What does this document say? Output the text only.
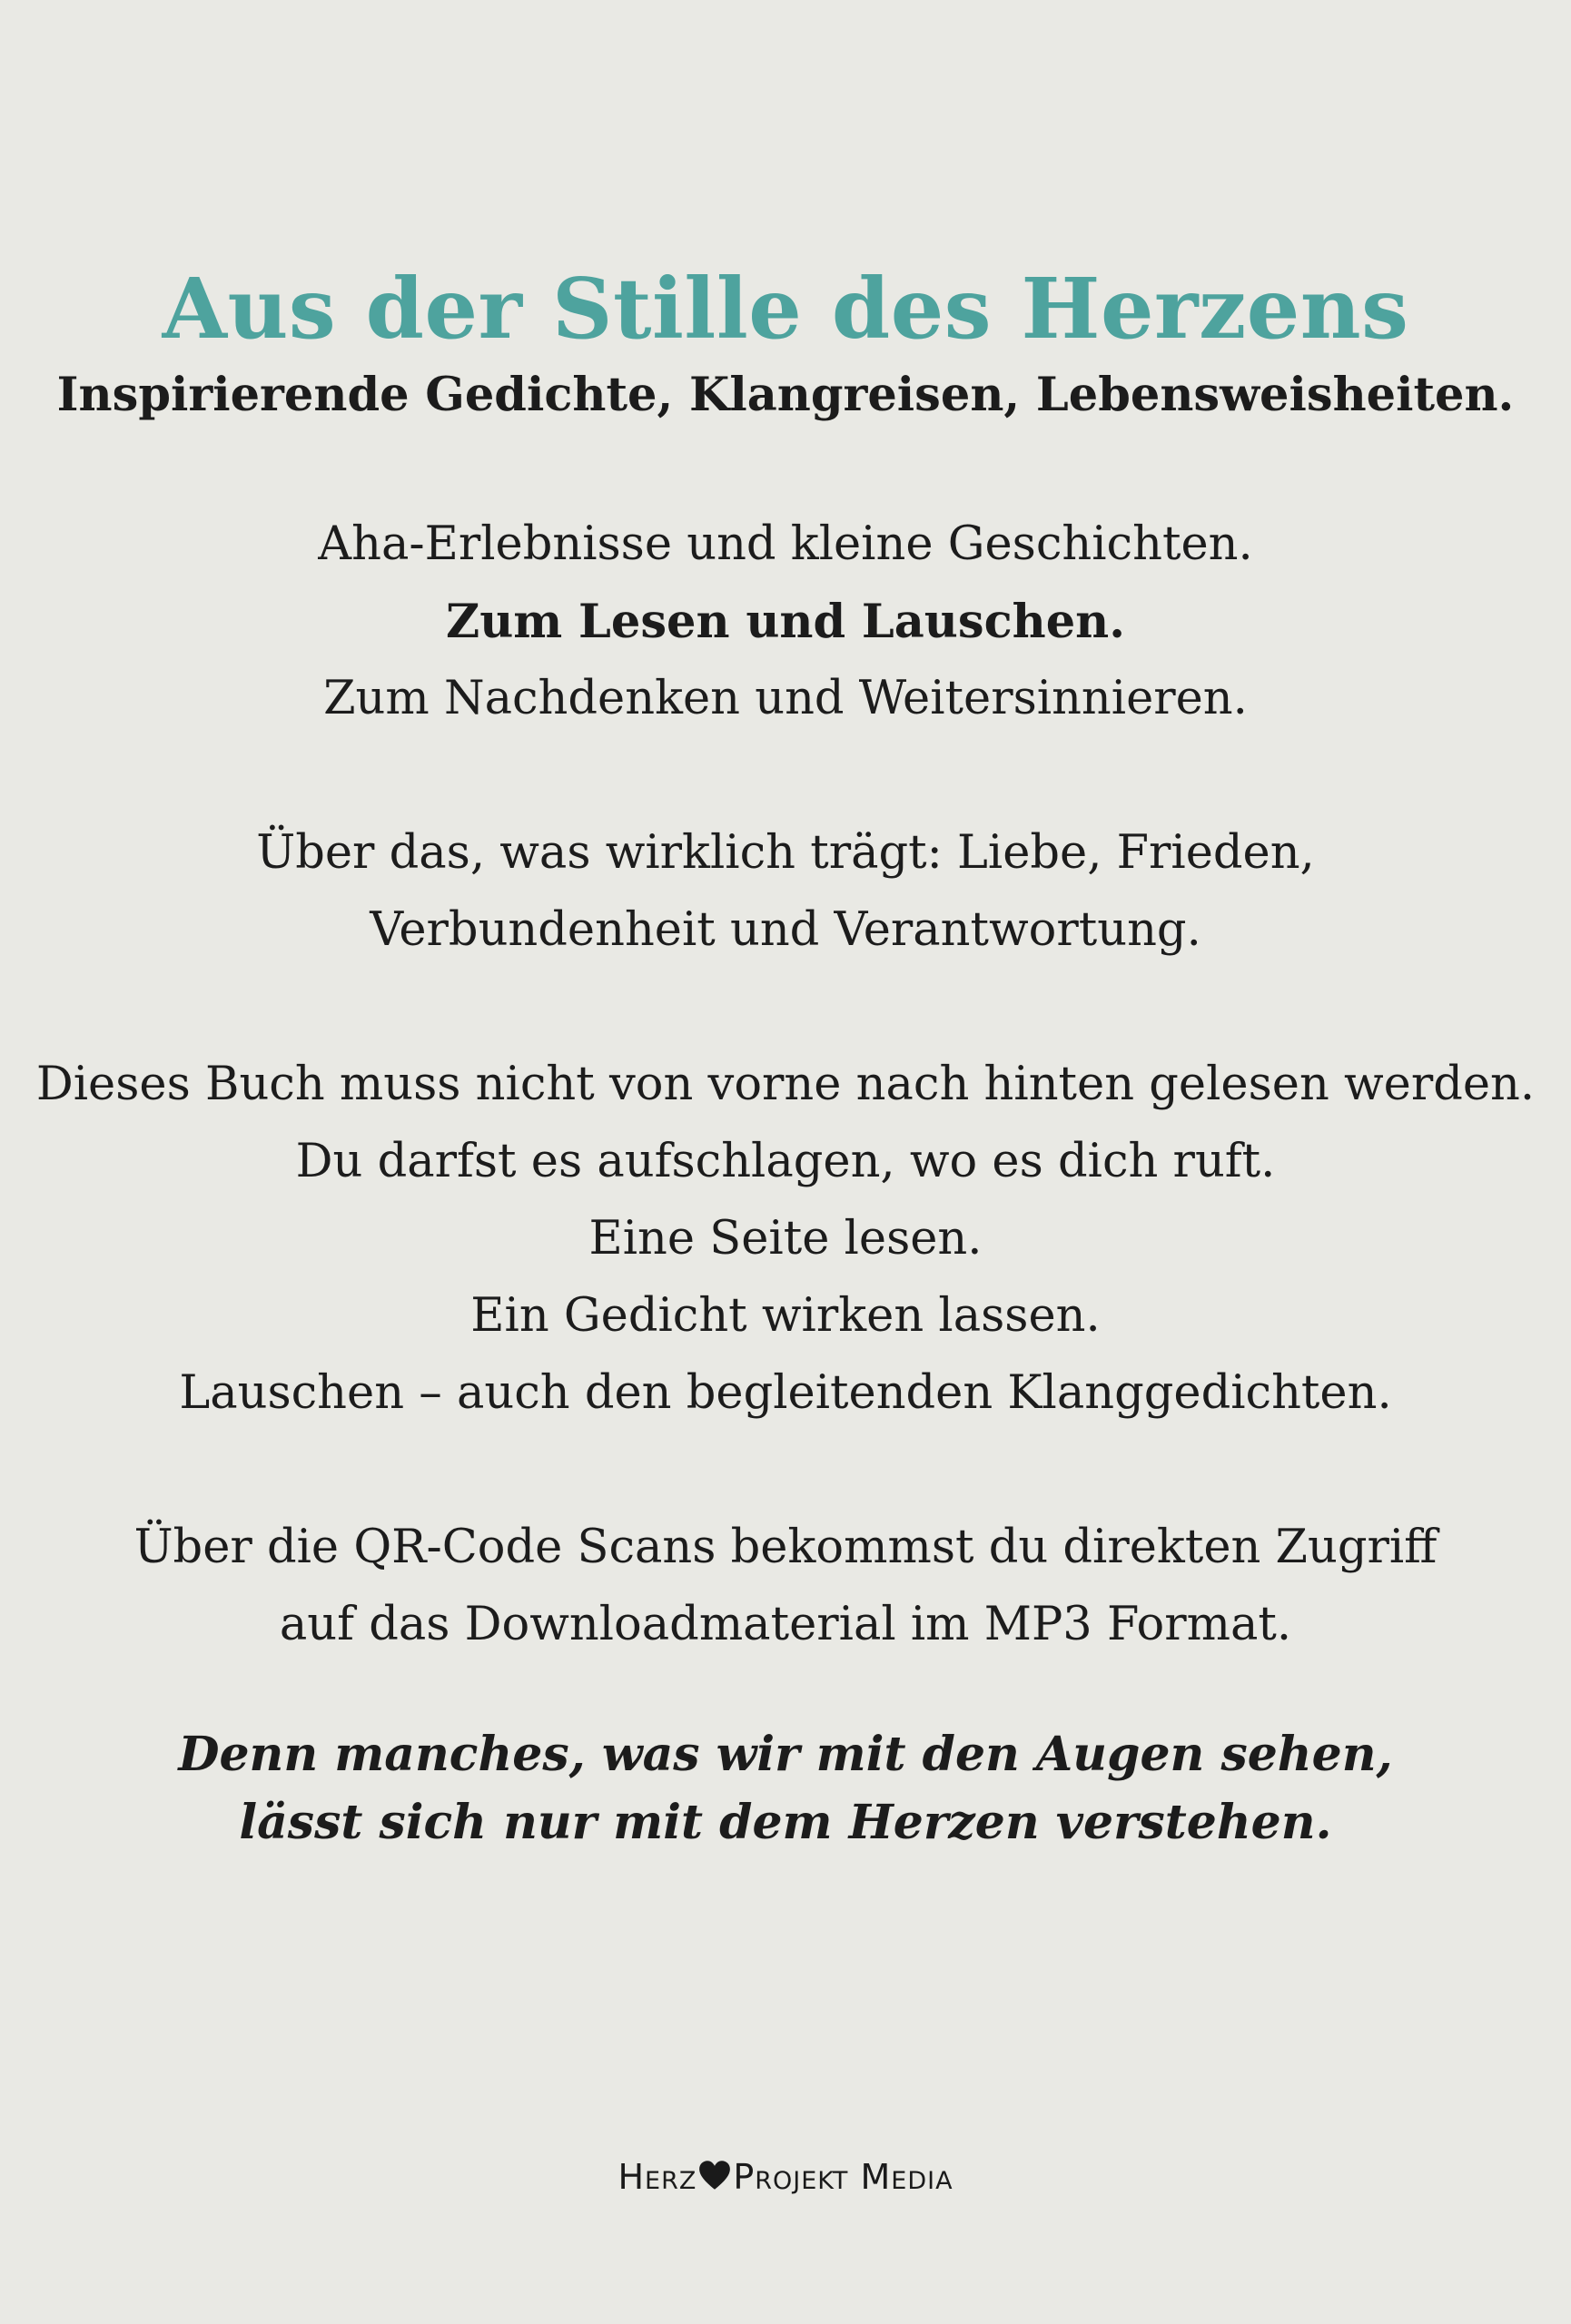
Aus der Stille des Herzens
Inspirierende Gedichte, Klangreisen, Lebensweisheiten.

Aha-Erlebnisse und kleine Geschichten.

Zum Lesen und Lauschen.

Zum Nachdenken und Weitersinnieren.

Über das, was wirklich trägt: Liebe, Frieden,

Verbundenheit und Verantwortung.

Dieses Buch muss nicht von vorne nach hinten gelesen werden.

Du darfst es aufschlagen, wo es dich ruft.

Eine Seite lesen.

Ein Gedicht wirken lassen.

Lauschen – auch den begleitenden Klanggedichten.

Über die QR-Code Scans bekommst du direkten Zugriff

auf das Downloadmaterial im MP3 Format.

Denn manches, was wir mit den Augen sehen,

lässt sich nur mit dem Herzen verstehen.

Herz Projekt Media
